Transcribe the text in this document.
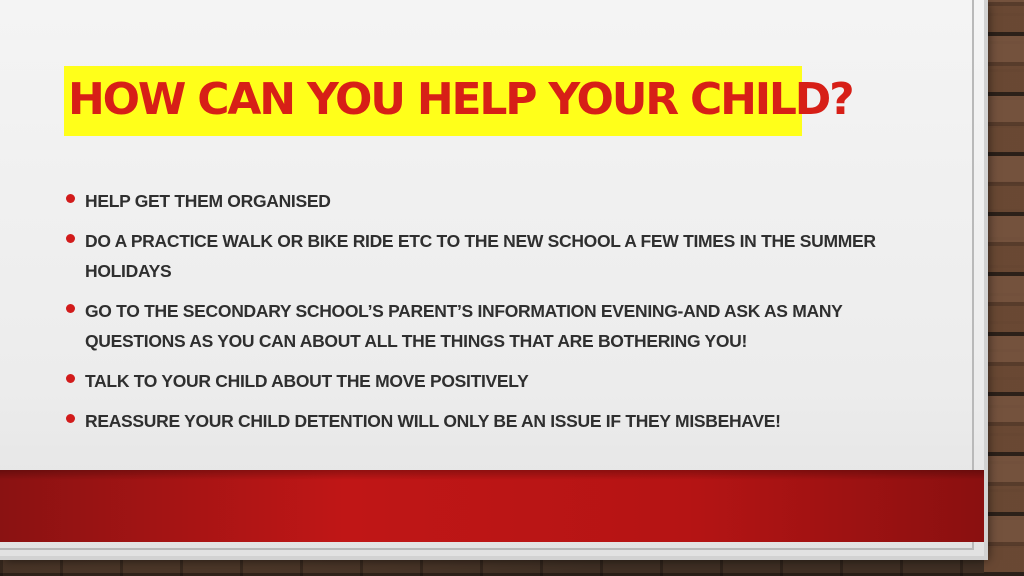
HOW CAN YOU HELP YOUR CHILD?
HELP GET THEM ORGANISED
DO A PRACTICE WALK OR BIKE RIDE ETC TO THE NEW SCHOOL A FEW TIMES IN THE SUMMER HOLIDAYS
GO TO THE SECONDARY SCHOOL’S PARENT’S INFORMATION EVENING-AND ASK AS MANY QUESTIONS AS YOU CAN ABOUT ALL THE THINGS THAT ARE BOTHERING YOU!
TALK TO YOUR CHILD ABOUT THE MOVE POSITIVELY
REASSURE YOUR CHILD DETENTION WILL ONLY BE AN ISSUE IF THEY MISBEHAVE!
